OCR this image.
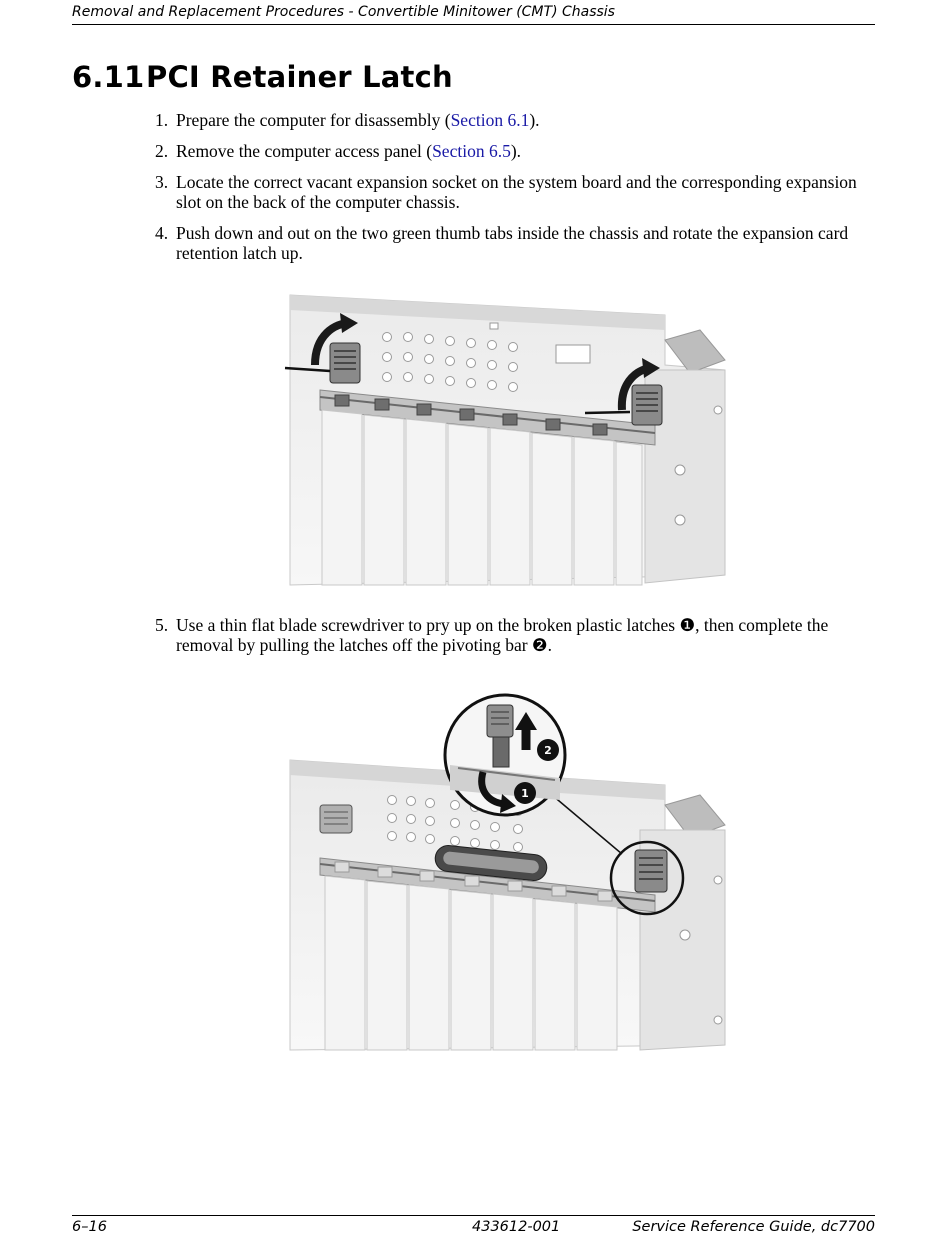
Removal and Replacement Procedures - Convertible Minitower (CMT) Chassis
6.11PCI Retainer Latch
1. Prepare the computer for disassembly (Section 6.1).
2. Remove the computer access panel (Section 6.5).
3. Locate the correct vacant expansion socket on the system board and the corresponding expansion slot on the back of the computer chassis.
4. Push down and out on the two green thumb tabs inside the chassis and rotate the expansion card retention latch up.
5. Use a thin flat blade screwdriver to pry up on the broken plastic latches ❶, then complete the removal by pulling the latches off the pivoting bar ❷.
2
1
6–16	433612-001	Service Reference Guide, dc7700
